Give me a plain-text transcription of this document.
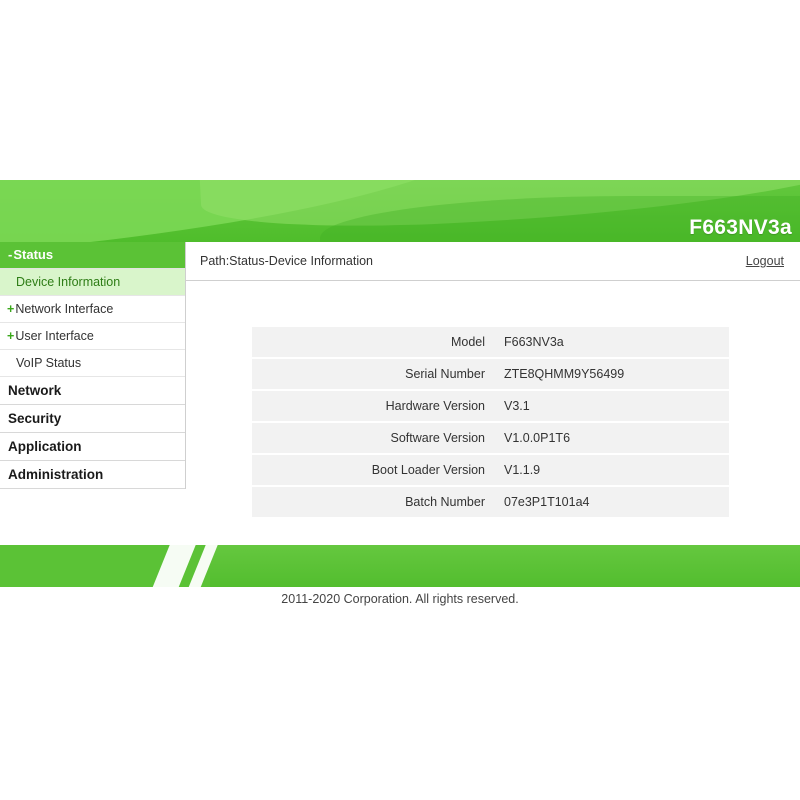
F663NV3a
-Status
Device Information
+Network Interface
+User Interface
VoIP Status
Network
Security
Application
Administration
Path:Status-Device Information	Logout
Model	F663NV3a
Serial Number	ZTE8QHMM9Y56499
Hardware Version	V3.1
Software Version	V1.0.0P1T6
Boot Loader Version	V1.1.9
Batch Number	07e3P1T101a4
2011-2020 Corporation. All rights reserved.
